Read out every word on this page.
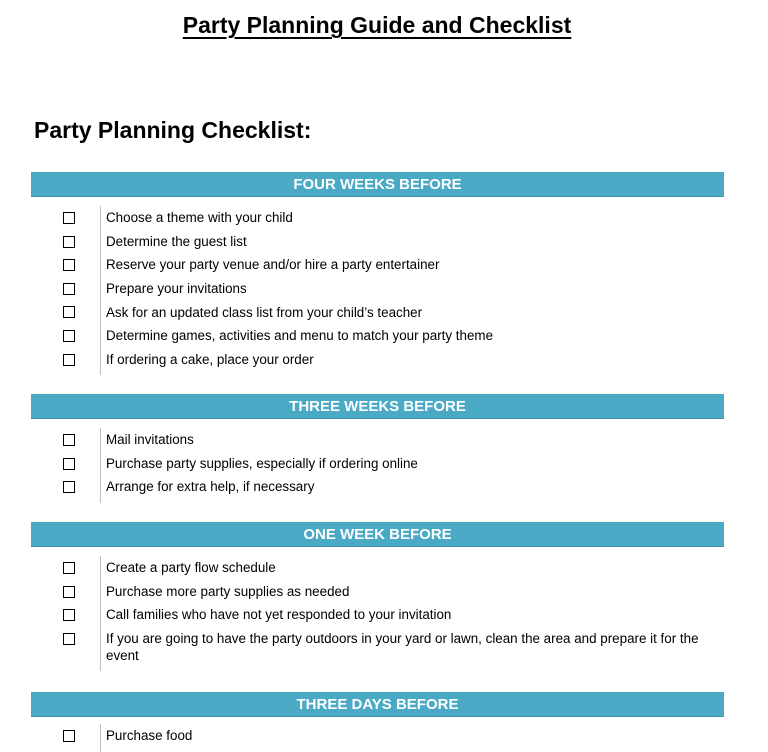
Party Planning Guide and Checklist
Party Planning Checklist:
FOUR WEEKS BEFORE
Choose a theme with your child
Determine the guest list
Reserve your party venue and/or hire a party entertainer
Prepare your invitations
Ask for an updated class list from your child’s teacher
Determine games, activities and menu to match your party theme
If ordering a cake, place your order
THREE WEEKS BEFORE
Mail invitations
Purchase party supplies, especially if ordering online
Arrange for extra help, if necessary
ONE WEEK BEFORE
Create a party flow schedule
Purchase more party supplies as needed
Call families who have not yet responded to your invitation
If you are going to have the party outdoors in your yard or lawn, clean the area and prepare it for the event
THREE DAYS BEFORE
Purchase food
